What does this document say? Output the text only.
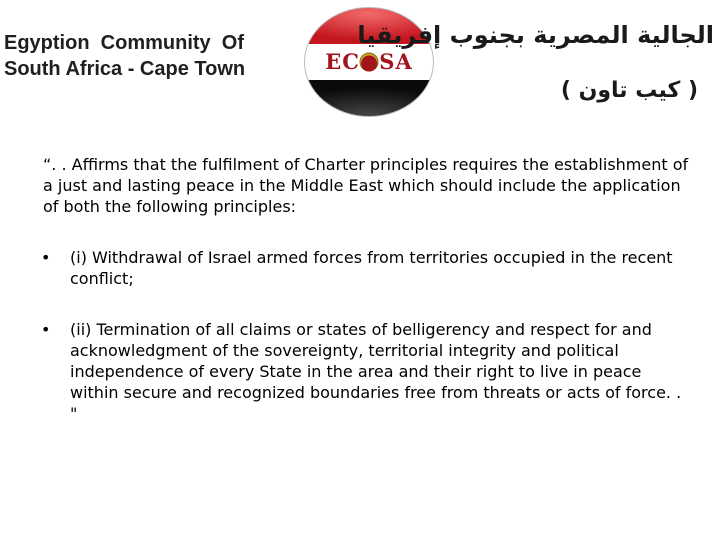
Egyption  Community  Of
South Africa - Cape Town	EC●SA
الجالية المصرية بجنوب إفريقيا
( كيب تاون )

“. . Affirms that the fulfilment of Charter principles requires the establishment of a just and lasting peace in the Middle East which should include the application of both the following principles:

• (i) Withdrawal of Israel armed forces from territories occupied in the recent conflict;
• (ii) Termination of all claims or states of belligerency and respect for and acknowledgment of the sovereignty, territorial integrity and political independence of every State in the area and their right to live in peace within secure and recognized boundaries free from threats or acts of force. . "
